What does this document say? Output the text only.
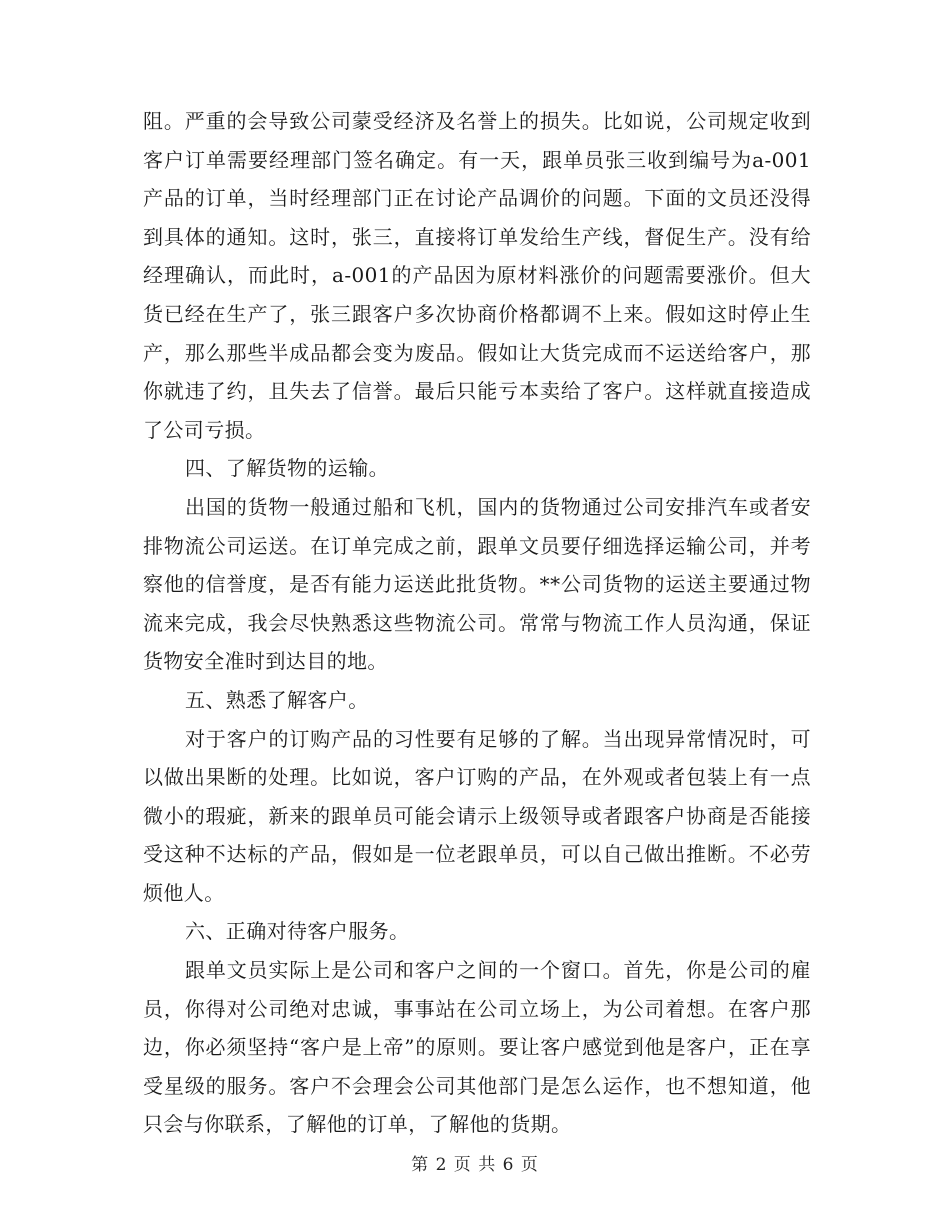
阻。严重的会导致公司蒙受经济及名誉上的损失。比如说，公司规定收到客户订单需要经理部门签名确定。有一天，跟单员张三收到编号为a-001产品的订单，当时经理部门正在讨论产品调价的问题。下面的文员还没得到具体的通知。这时，张三，直接将订单发给生产线，督促生产。没有给经理确认，而此时，a-001的产品因为原材料涨价的问题需要涨价。但大货已经在生产了，张三跟客户多次协商价格都调不上来。假如这时停止生产，那么那些半成品都会变为废品。假如让大货完成而不运送给客户，那你就违了约，且失去了信誉。最后只能亏本卖给了客户。这样就直接造成了公司亏损。

四、了解货物的运输。

出国的货物一般通过船和飞机，国内的货物通过公司安排汽车或者安排物流公司运送。在订单完成之前，跟单文员要仔细选择运输公司，并考察他的信誉度，是否有能力运送此批货物。**公司货物的运送主要通过物流来完成，我会尽快熟悉这些物流公司。常常与物流工作人员沟通，保证货物安全准时到达目的地。

五、熟悉了解客户。

对于客户的订购产品的习性要有足够的了解。当出现异常情况时，可以做出果断的处理。比如说，客户订购的产品，在外观或者包装上有一点微小的瑕疵，新来的跟单员可能会请示上级领导或者跟客户协商是否能接受这种不达标的产品，假如是一位老跟单员，可以自己做出推断。不必劳烦他人。

六、正确对待客户服务。

跟单文员实际上是公司和客户之间的一个窗口。首先，你是公司的雇员，你得对公司绝对忠诚，事事站在公司立场上，为公司着想。在客户那边，你必须坚持“客户是上帝”的原则。要让客户感觉到他是客户，正在享受星级的服务。客户不会理会公司其他部门是怎么运作，也不想知道，他只会与你联系，了解他的订单，了解他的货期。

第 2 页 共 6 页
